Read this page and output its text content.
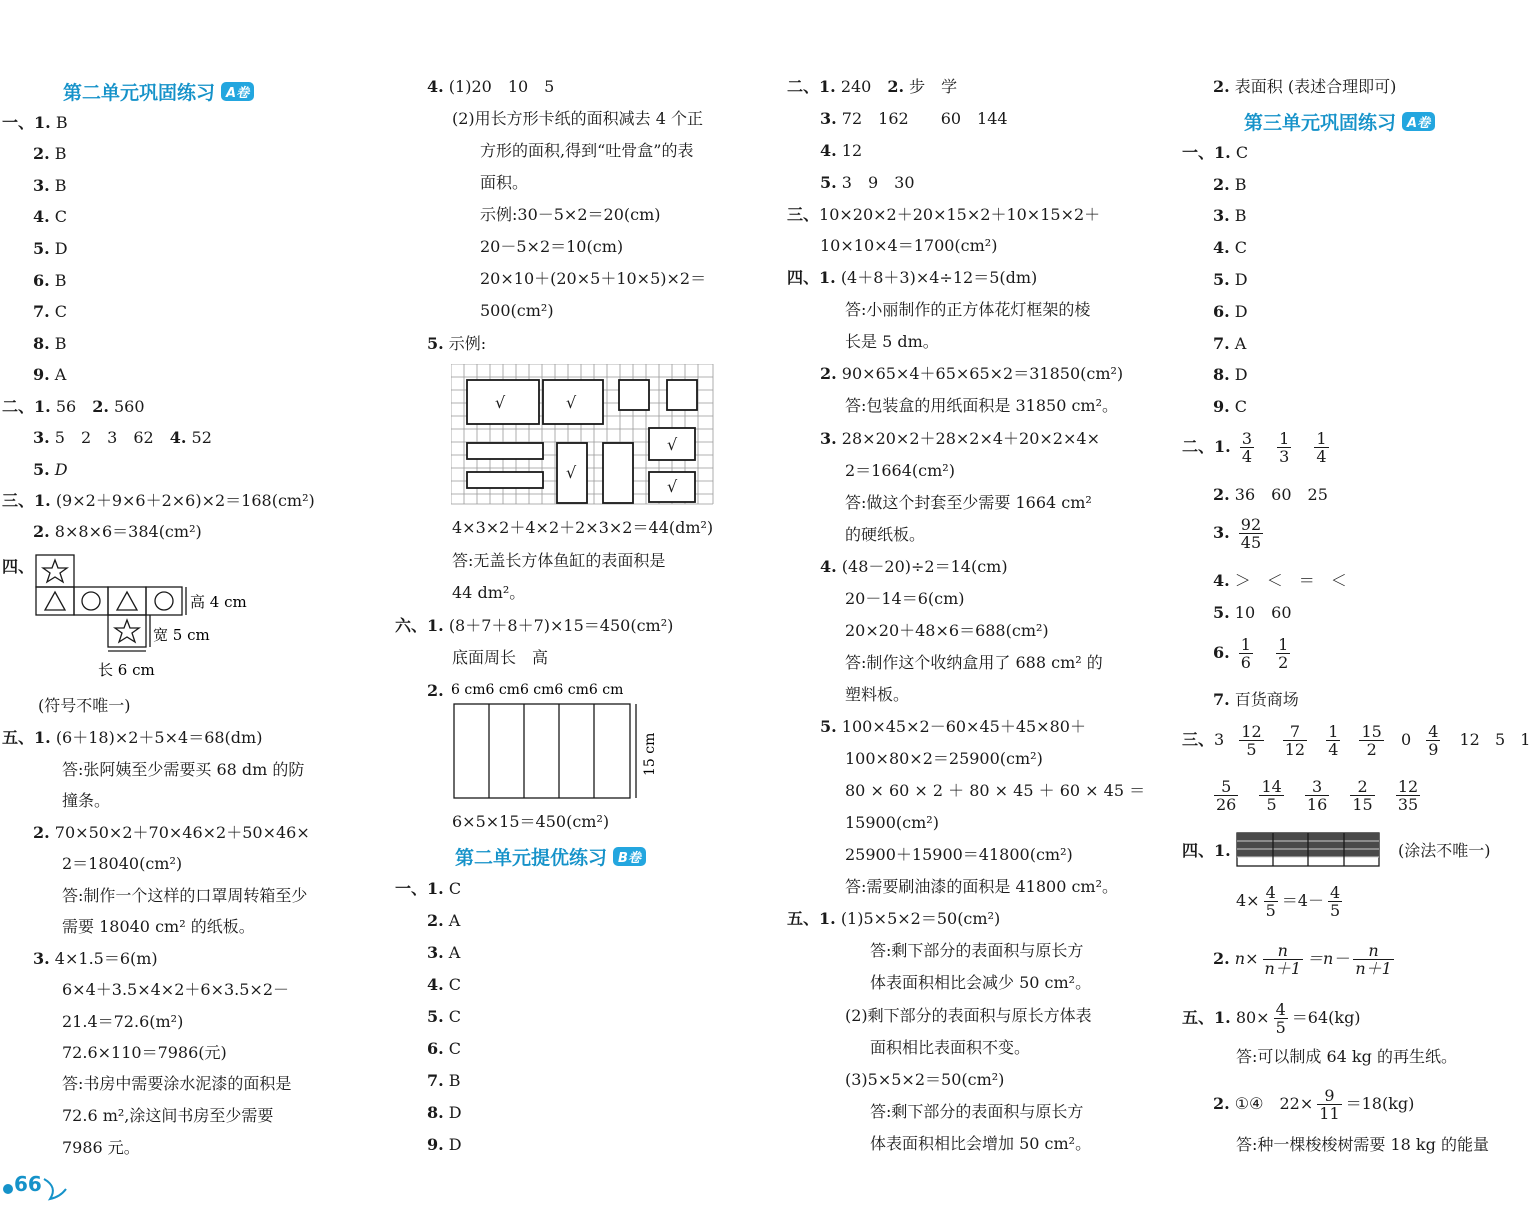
第二单元巩固练习 A卷
一、1. B
2. B
3. B
4. C
5. D
6. B
7. C
8. B
9. A
二、1. 56　 2. 560
3. 5　2　3　62　 4. 52
5. D
三、1. (9×2＋9×6＋2×6)×2＝168(cm²)
2. 8×8×6＝384(cm²)
四、
高 4 cm
宽 5 cm
长 6 cm
(符号不唯一)
五、1. (6＋18)×2＋5×4＝68(dm)
答:张阿姨至少需要买 68 dm 的防
撞条。
2. 70×50×2＋70×46×2＋50×46×
2＝18040(cm²)
答:制作一个这样的口罩周转箱至少
需要 18040 cm² 的纸板。
3. 4×1.5＝6(m)
6×4＋3.5×4×2＋6×3.5×2－
21.4＝72.6(m²)
72.6×110＝7986(元)
答:书房中需要涂水泥漆的面积是
72.6 m²,涂这间书房至少需要
7986 元。
4. (1)20　10　5
(2)用长方形卡纸的面积减去 4 个正
方形的面积,得到“吐骨盒”的表
面积。
示例:30－5×2＝20(cm)
20－5×2＝10(cm)
20×10＋(20×5＋10×5)×2＝
500(cm²)
5. 示例:
√	√
√
√
√
4×3×2＋4×2＋2×3×2＝44(dm²)
答:无盖长方体鱼缸的表面积是
44 dm²。
六、1. (8＋7＋8＋7)×15＝450(cm²)
底面周长　高
2. 6 cm6 cm6 cm6 cm6 cm
15 cm
6×5×15＝450(cm²)
第二单元提优练习 B卷
一、1. C
2. A
3. A
4. C
5. C
6. C
7. B
8. D
9. D
二、1. 240　 2. 步　学
3. 72　162　　60　144
4. 12
5. 3　9　30
三、10×20×2＋20×15×2＋10×15×2＋
10×10×4＝1700(cm²)
四、1. (4＋8＋3)×4÷12＝5(dm)
答:小丽制作的正方体花灯框架的棱
长是 5 dm。
2. 90×65×4＋65×65×2＝31850(cm²)
答:包装盒的用纸面积是 31850 cm²。
3. 28×20×2＋28×2×4＋20×2×4×
2＝1664(cm²)
答:做这个封套至少需要 1664 cm²
的硬纸板。
4. (48－20)÷2＝14(cm)
20－14＝6(cm)
20×20＋48×6＝688(cm²)
答:制作这个收纳盒用了 688 cm² 的
塑料板。
5. 100×45×2－60×45＋45×80＋
100×80×2＝25900(cm²)
80 × 60 × 2 ＋ 80 × 45 ＋ 60 × 45 ＝
15900(cm²)
25900＋15900＝41800(cm²)
答:需要刷油漆的面积是 41800 cm²。
五、1. (1)5×5×2＝50(cm²)
答:剩下部分的表面积与原长方
体表面积相比会减少 50 cm²。
(2)剩下部分的表面积与原长方体表
面积相比表面积不变。
(3)5×5×2＝50(cm²)
答:剩下部分的表面积与原长方
体表面积相比会增加 50 cm²。
2. 表面积 (表述合理即可)
第三单元巩固练习 A卷
一、1. C
2. B
3. B
4. C
5. D
6. D
7. A
8. D
9. C
二、1. $\frac{3}{4}$
$\frac{1}{3}$
$\frac{1}{4}$
2. 36　60　25
3. $\frac{92}{45}$
4. ＞　＜　＝　＜
5. 10　60
6. $\frac{1}{6}$
$\frac{1}{2}$
7. 百货商场
三、$3 \frac{12}{5}$
$\frac{7}{12}$
$\frac{1}{4}$
$\frac{15}{2} 0 \frac{4}{9} 12$ 5 1
$\frac{5}{26}$
$\frac{14}{5}$
$\frac{3}{16}$
$\frac{2}{15}$
$\frac{12}{35}$
四、1.	(涂法不唯一)
$4\times \frac{4}{5} =4- \frac{4}{5}$
2. $n\times \frac{n}{n+1} =n- \frac{n}{n+1}$
五、1. $80\times \frac{4}{5} =64(kg)$
答:可以制成 64 kg 的再生纸。
2. ①④　$22\times \frac{9}{11} =18(kg)$
答:种一棵梭梭树需要 18 kg 的能量
66
